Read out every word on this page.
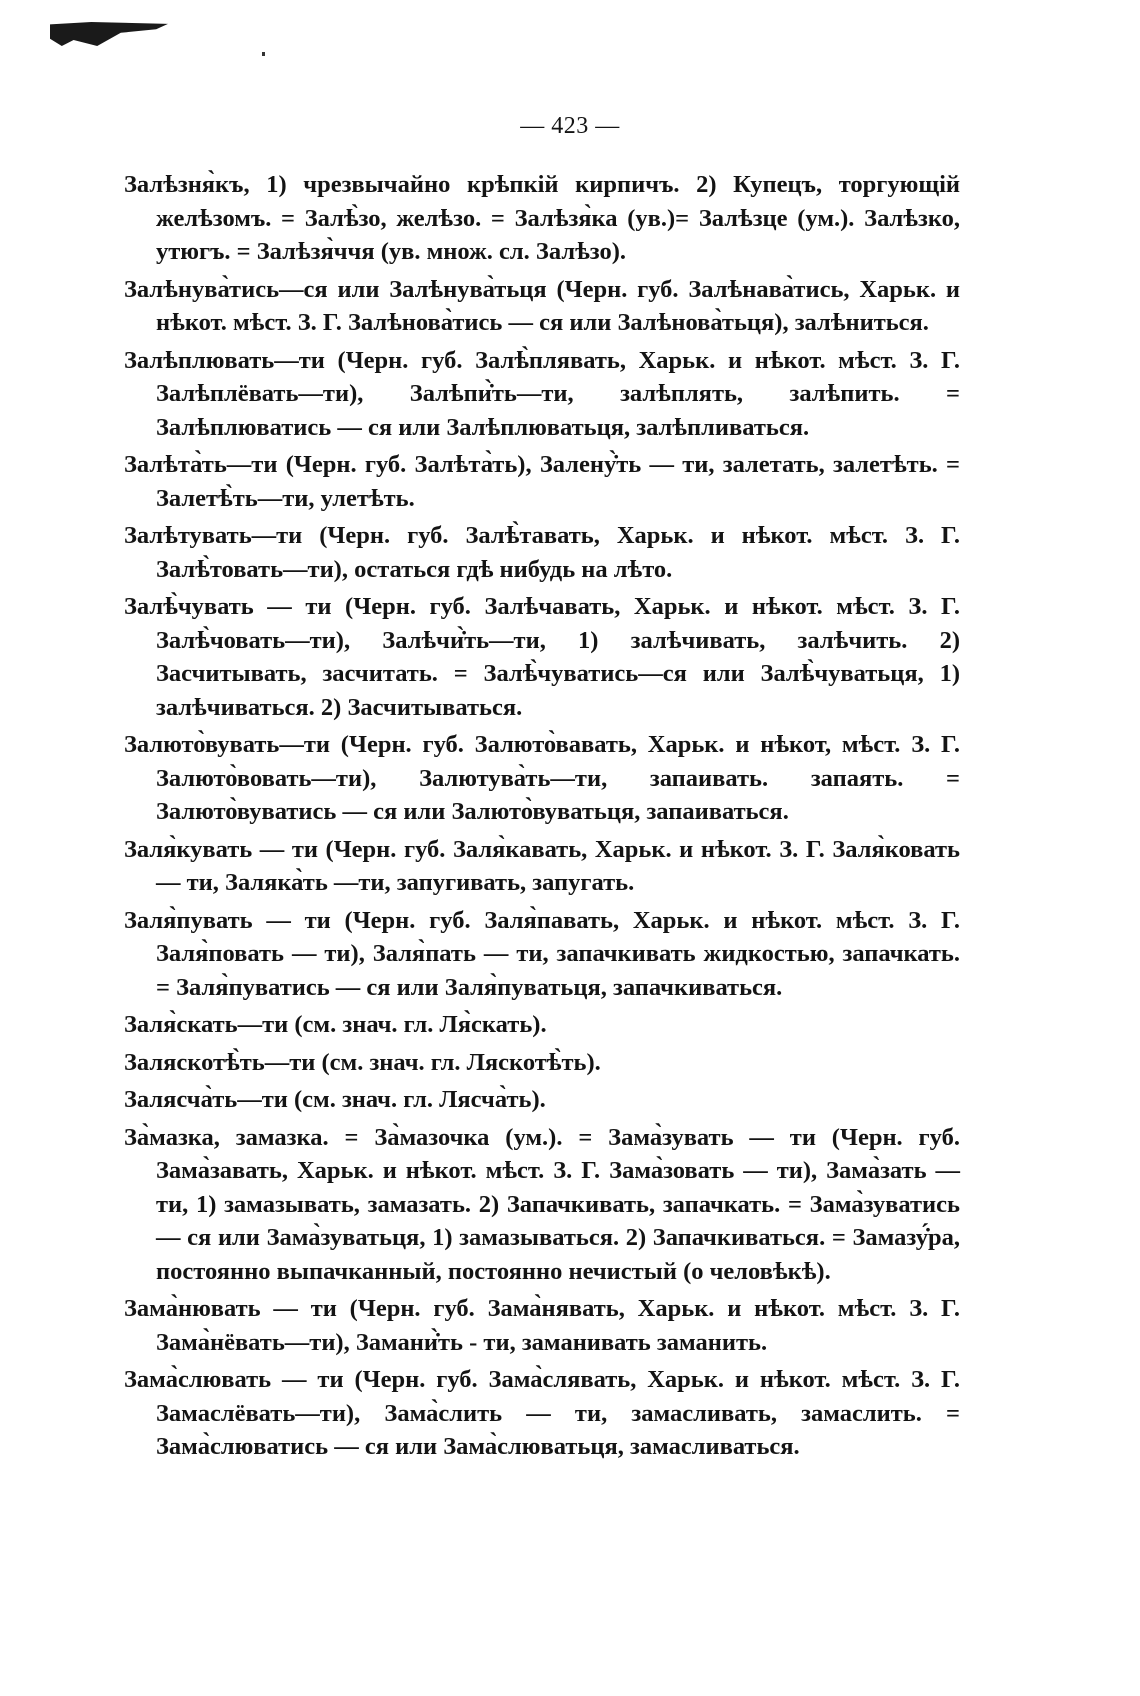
— 423 —

Залѣзня̀къ, 1) чрезвычайно крѣпкій кирпичъ. 2) Купецъ, торгующій желѣзомъ. = Залѣ̀зо, желѣзо. = Залѣзя̀ка (ув.)= Залѣзце (ум.). Залѣзко, утюгъ. = Залѣзя̀ччя (ув. множ. сл. Залѣзо).

Залѣнува̀тись—ся или Залѣнува̀тьця (Черн. губ. Залѣнава̀тись, Харьк. и нѣкот. мѣст. З. Г. Залѣнова̀тись — ся или Залѣнова̀тьця), залѣниться.

Залѣплювать—ти (Черн. губ. Залѣ̀плявать, Харьк. и нѣкот. мѣст. З. Г. Залѣплёвать—ти), Залѣпи̇̀ть—ти, залѣплять, залѣпить. = Залѣплюватись — ся или Залѣплюватьця, залѣпливаться.

Залѣта̀ть—ти (Черн. губ. Залѣта̀ть), Залену̇̀ть — ти, залетать, залетѣть. = Залетѣ̀ть—ти, улетѣть.

Залѣтувать—ти (Черн. губ. Залѣ̀тавать, Харьк. и нѣкот. мѣст. З. Г. Залѣ̀товать—ти), остаться гдѣ нибудь на лѣто.

Залѣ̀чувать — ти (Черн. губ. Залѣчавать, Харьк. и нѣкот. мѣст. З. Г. Залѣ̀човать—ти), Залѣчи̇̀ть—ти, 1) залѣчивать, залѣчить. 2) Засчитывать, засчитать. = Залѣ̀чуватись—ся или Залѣ̀чуватьця, 1) залѣчиваться. 2) Засчитываться.

Залюто̀вувать—ти (Черн. губ. Залюто̀вавать, Харьк. и нѣкот, мѣст. З. Г. Залюто̀вовать—ти), Залютува̀ть—ти, запаивать. запаять. = Залюто̀вуватись — ся или Залюто̀вуватьця, запаиваться.

Заля̀кувать — ти (Черн. губ. Заля̀кавать, Харьк. и нѣкот. З. Г. Заля̀ковать — ти, Заляка̀ть —ти, запугивать, запугать.

Заля̀пувать — ти (Черн. губ. Заля̀павать, Харьк. и нѣкот. мѣст. З. Г. Заля̀повать — ти), Заля̀пать — ти, запачкивать жидкостью, запачкать. = Заля̀пуватись — ся или Заля̀пуватьця, запачкиваться.

Заля̀скать—ти (см. знач. гл. Ля̀скать).

Заляскотѣ̀ть—ти (см. знач. гл. Ляскотѣ̀ть).

Залясча̀ть—ти (см. знач. гл. Лясча̀ть).

За̀мазка, замазка. = За̀мазочка (ум.). = Зама̀зувать — ти (Черн. губ. Зама̀завать, Харьк. и нѣкот. мѣст. З. Г. Зама̀зовать — ти), Зама̀зать — ти, 1) замазывать, замазать. 2) Запачкивать, запачкать. = Зама̀зуватись — ся или Зама̀зуватьця, 1) замазываться. 2) Запачкиваться. = Замазу̇́ра, постоянно выпачканный, постоянно нечистый (о человѣкѣ).

Зама̀нювать — ти (Черн. губ. Зама̀нявать, Харьк. и нѣкот. мѣст. З. Г. Зама̀нёвать—ти), Замани̇̀ть - ти, заманивать заманить.

Зама̀слювать — ти (Черн. губ. Зама̀слявать, Харьк. и нѣкот. мѣст. З. Г. Замаслёвать—ти), Зама̀слить — ти, замасливать, замаслить. = Зама̀слюватись — ся или Зама̀слюватьця, замасливаться.
